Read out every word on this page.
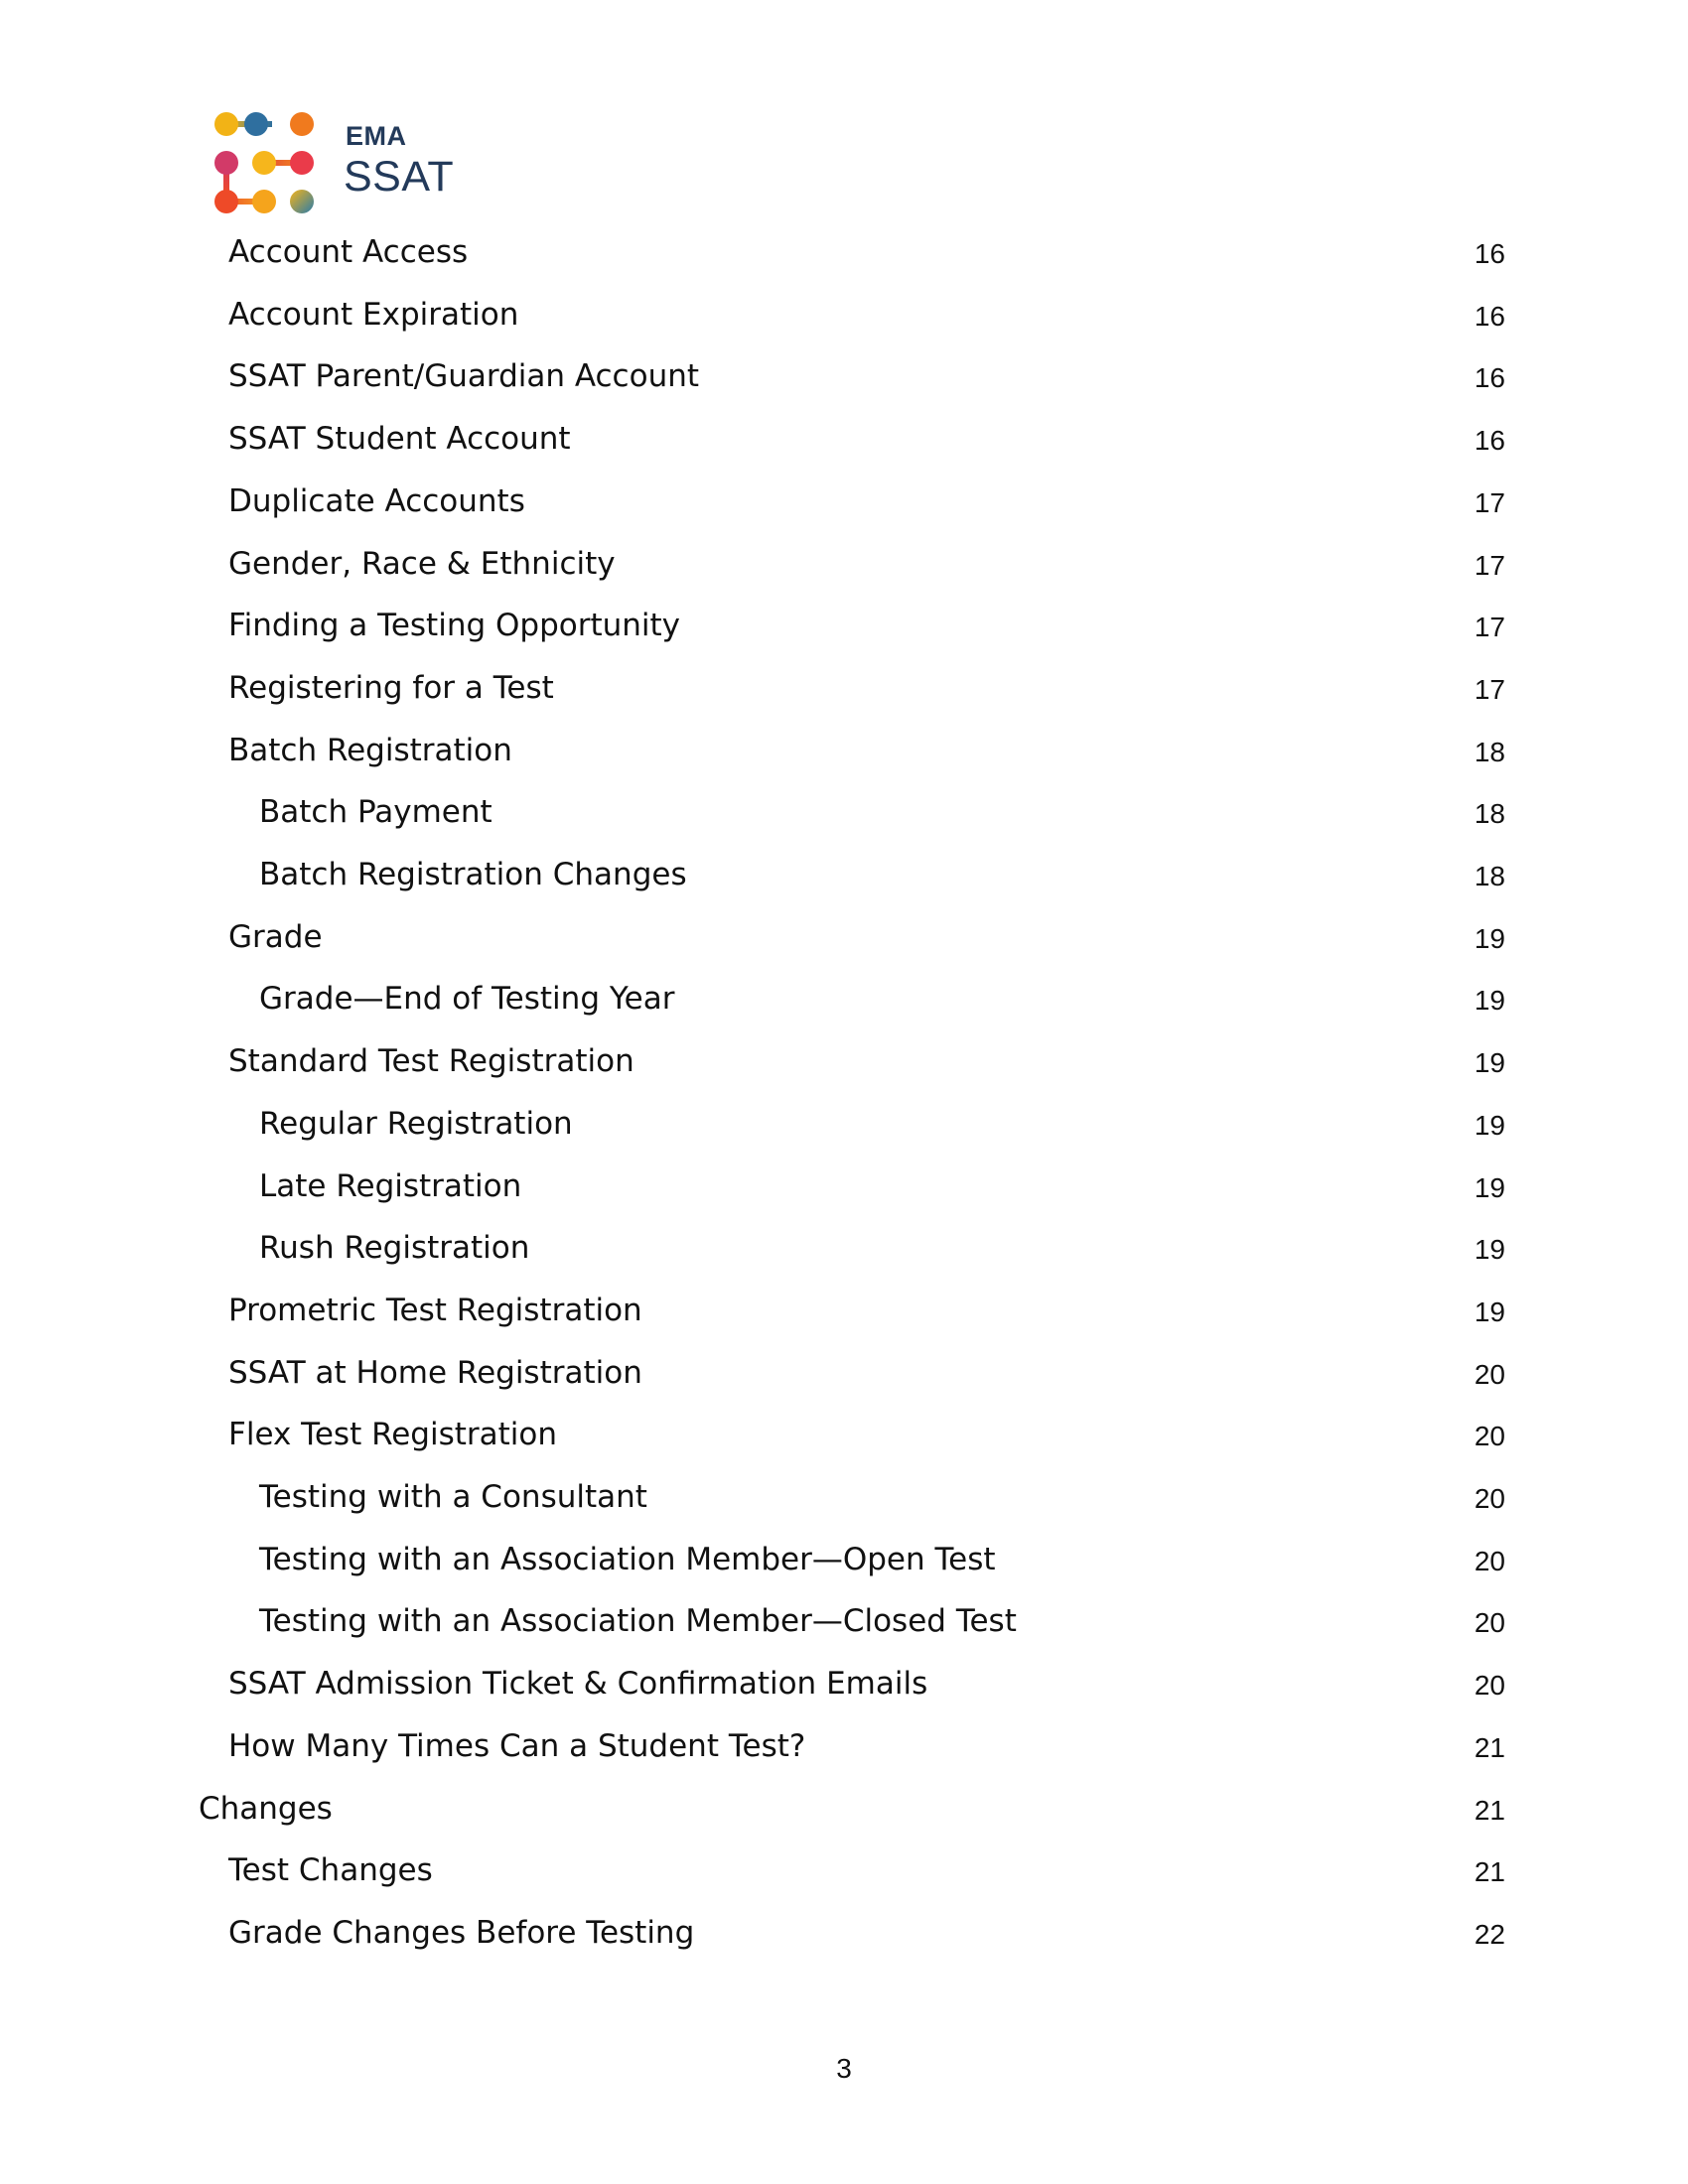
EMA
SSAT
Account Access	16
Account Expiration	16
SSAT Parent/Guardian Account	16
SSAT Student Account	16
Duplicate Accounts	17
Gender, Race & Ethnicity	17
Finding a Testing Opportunity	17
Registering for a Test	17
Batch Registration	18
Batch Payment	18
Batch Registration Changes	18
Grade	19
Grade—End of Testing Year	19
Standard Test Registration	19
Regular Registration	19
Late Registration	19
Rush Registration	19
Prometric Test Registration	19
SSAT at Home Registration	20
Flex Test Registration	20
Testing with a Consultant	20
Testing with an Association Member—Open Test	20
Testing with an Association Member—Closed Test	20
SSAT Admission Ticket & Confirmation Emails	20
How Many Times Can a Student Test?	21
Changes	21
Test Changes	21
Grade Changes Before Testing	22
3
